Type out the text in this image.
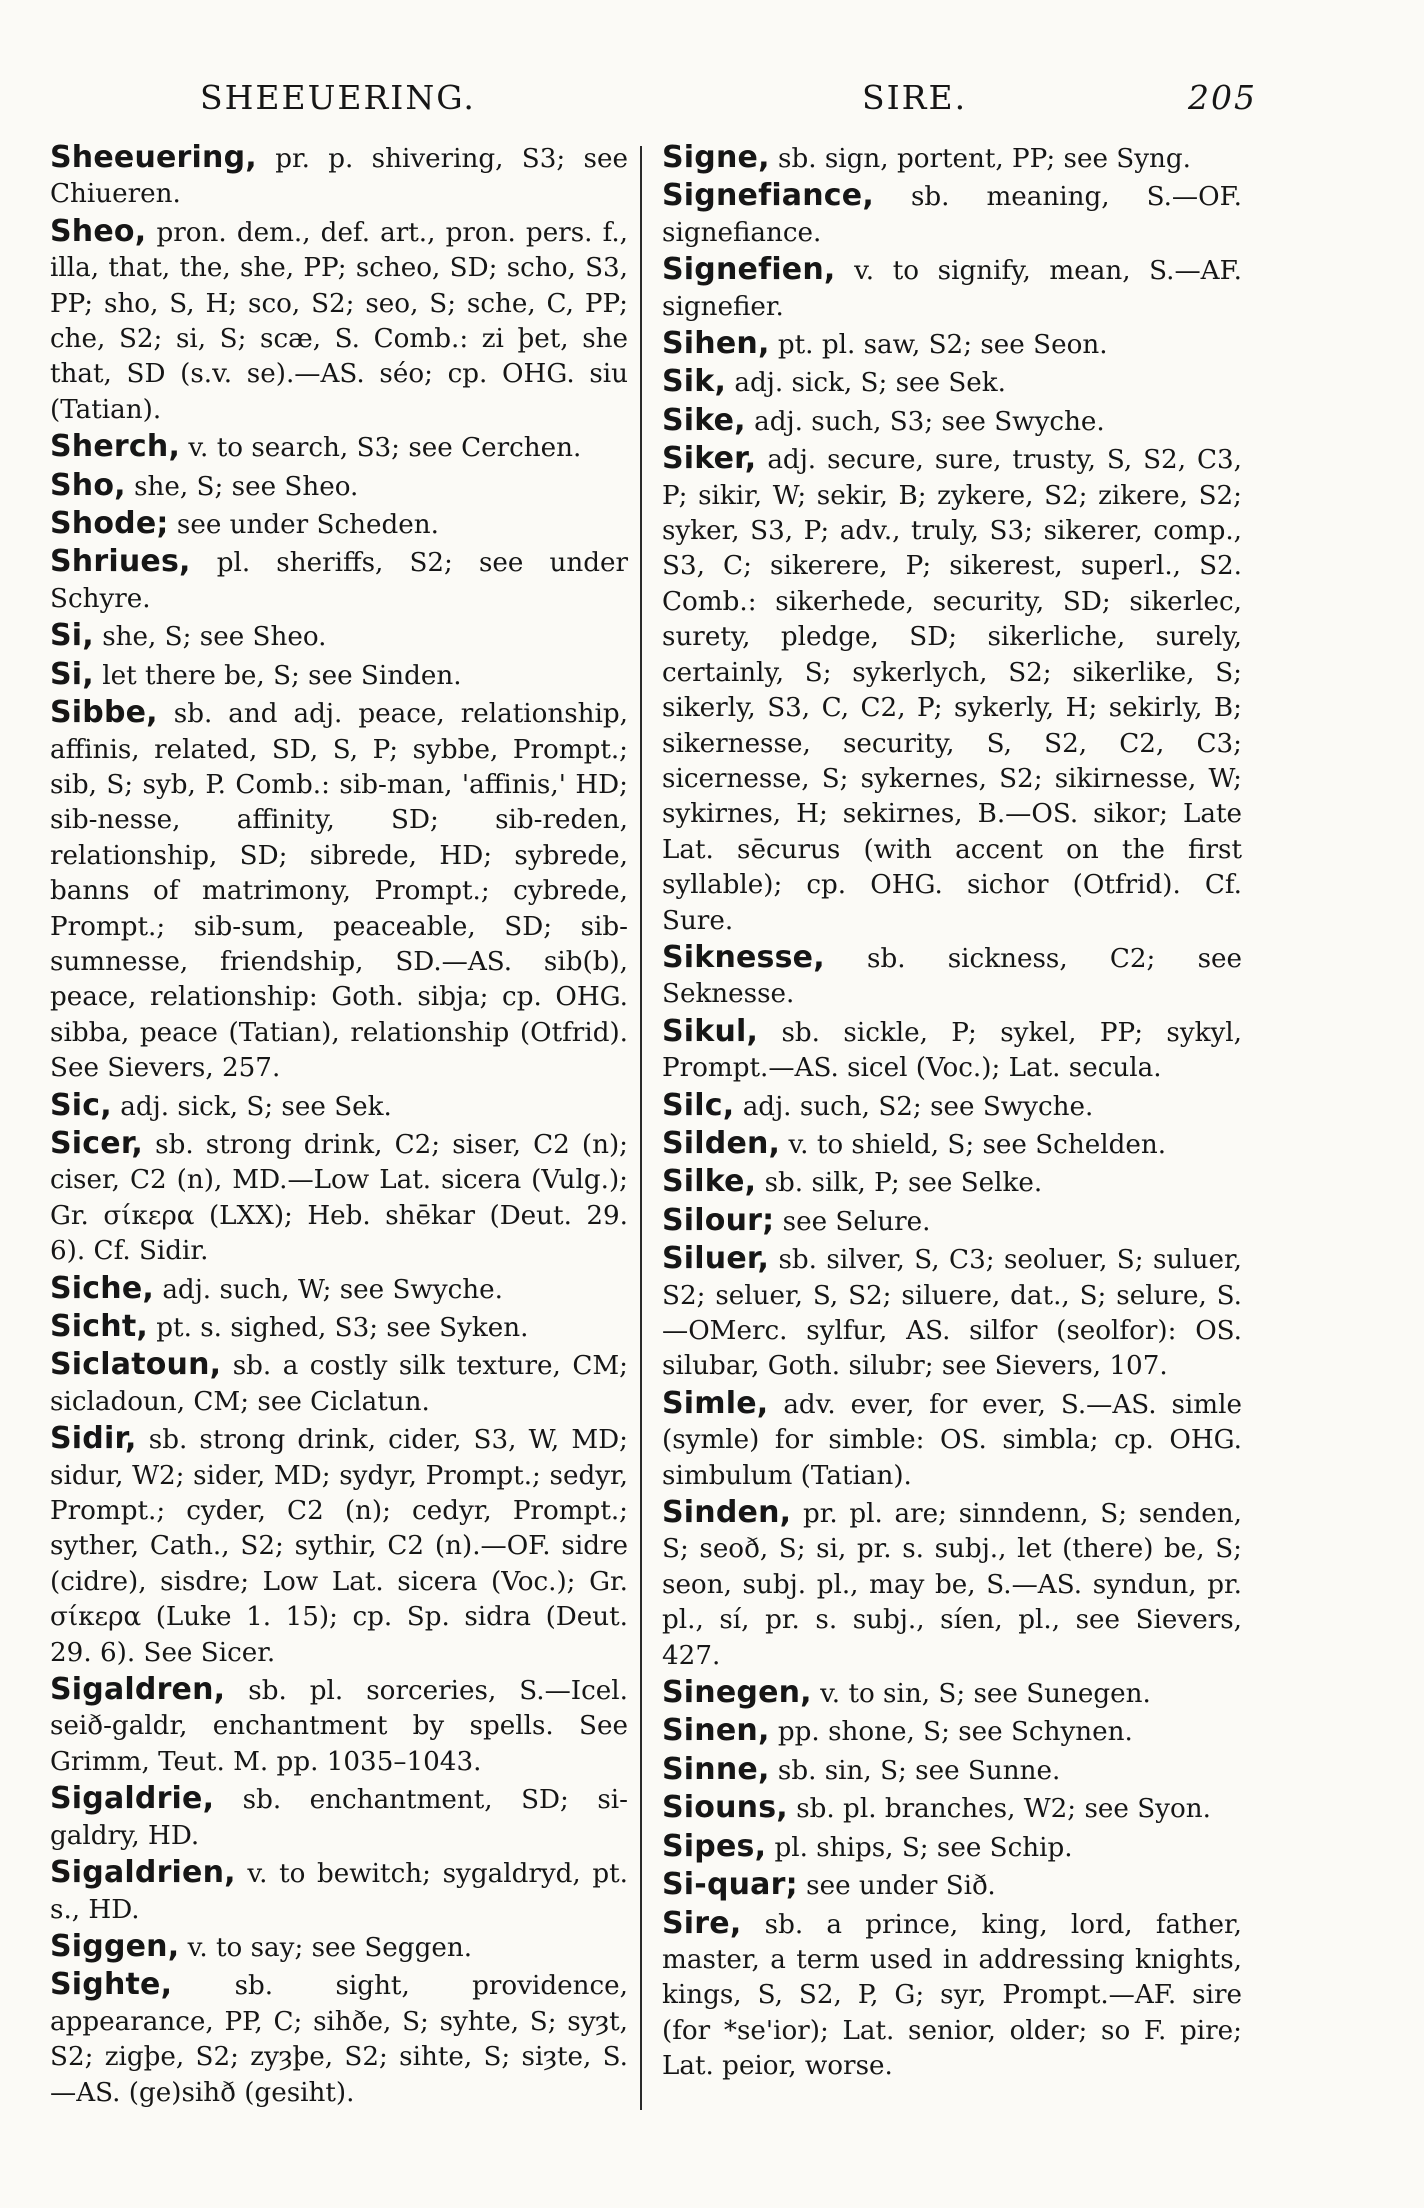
SHEEUERING.	SIRE.	205

Sheeuering, pr. p. shivering, S3; see Chiueren.

Sheo, pron. dem., def. art., pron. pers. f., illa, that, the, she, PP; scheo, SD; scho, S3, PP; sho, S, H; sco, S2; seo, S; sche, C, PP; che, S2; si, S; scæ, S. Comb.: zi þet, she that, SD (s.v. se).—AS. séo; cp. OHG. siu (Tatian).

Sherch, v. to search, S3; see Cerchen.

Sho, she, S; see Sheo.

Shode; see under Scheden.

Shriues, pl. sheriffs, S2; see under Schyre.

Si, she, S; see Sheo.

Si, let there be, S; see Sinden.

Sibbe, sb. and adj. peace, relationship, affinis, related, SD, S, P; sybbe, Prompt.; sib, S; syb, P. Comb.: sib-man, 'affinis,' HD; sib-nesse, affinity, SD; sib-reden, relationship, SD; sibrede, HD; sybrede, banns of matrimony, Prompt.; cybrede, Prompt.; sib-sum, peaceable, SD; sib-sumnesse, friendship, SD.—AS. sib(b), peace, relationship: Goth. sibja; cp. OHG. sibba, peace (Tatian), relationship (Otfrid). See Sievers, 257.

Sic, adj. sick, S; see Sek.

Sicer, sb. strong drink, C2; siser, C2 (n); ciser, C2 (n), MD.—Low Lat. sicera (Vulg.); Gr. σίκερα (LXX); Heb. shēkar (Deut. 29. 6). Cf. Sidir.

Siche, adj. such, W; see Swyche.

Sicht, pt. s. sighed, S3; see Syken.

Siclatoun, sb. a costly silk texture, CM; sicladoun, CM; see Ciclatun.

Sidir, sb. strong drink, cider, S3, W, MD; sidur, W2; sider, MD; sydyr, Prompt.; sedyr, Prompt.; cyder, C2 (n); cedyr, Prompt.; syther, Cath., S2; sythir, C2 (n).—OF. sidre (cidre), sisdre; Low Lat. sicera (Voc.); Gr. σίκερα (Luke 1. 15); cp. Sp. sidra (Deut. 29. 6). See Sicer.

Sigaldren, sb. pl. sorceries, S.—Icel. seið-galdr, enchantment by spells. See Grimm, Teut. M. pp. 1035–1043.

Sigaldrie, sb. enchantment, SD; si-galdry, HD.

Sigaldrien, v. to bewitch; sygaldryd, pt. s., HD.

Siggen, v. to say; see Seggen.

Sighte, sb. sight, providence, appearance, PP, C; sihðe, S; syhte, S; syȝt, S2; zigþe, S2; zyȝþe, S2; sihte, S; siȝte, S.—AS. (ge)sihð (gesiht).

Signe, sb. sign, portent, PP; see Syng.

Signefiance, sb. meaning, S.—OF. signefiance.

Signefien, v. to signify, mean, S.—AF. signefier.

Sihen, pt. pl. saw, S2; see Seon.

Sik, adj. sick, S; see Sek.

Sike, adj. such, S3; see Swyche.

Siker, adj. secure, sure, trusty, S, S2, C3, P; sikir, W; sekir, B; zykere, S2; zikere, S2; syker, S3, P; adv., truly, S3; sikerer, comp., S3, C; sikerere, P; sikerest, superl., S2. Comb.: sikerhede, security, SD; sikerlec, surety, pledge, SD; sikerliche, surely, certainly, S; sykerlych, S2; sikerlike, S; sikerly, S3, C, C2, P; sykerly, H; sekirly, B; sikernesse, security, S, S2, C2, C3; sicernesse, S; sykernes, S2; sikirnesse, W; sykirnes, H; sekirnes, B.—OS. sikor; Late Lat. sēcurus (with accent on the first syllable); cp. OHG. sichor (Otfrid). Cf. Sure.

Siknesse, sb. sickness, C2; see Seknesse.

Sikul, sb. sickle, P; sykel, PP; sykyl, Prompt.—AS. sicel (Voc.); Lat. secula.

Silc, adj. such, S2; see Swyche.

Silden, v. to shield, S; see Schelden.

Silke, sb. silk, P; see Selke.

Silour; see Selure.

Siluer, sb. silver, S, C3; seoluer, S; suluer, S2; seluer, S, S2; siluere, dat., S; selure, S.—OMerc. sylfur, AS. silfor (seolfor): OS. silubar, Goth. silubr; see Sievers, 107.

Simle, adv. ever, for ever, S.—AS. simle (symle) for simble: OS. simbla; cp. OHG. simbulum (Tatian).

Sinden, pr. pl. are; sinndenn, S; senden, S; seoð, S; si, pr. s. subj., let (there) be, S; seon, subj. pl., may be, S.—AS. syndun, pr. pl., sí, pr. s. subj., síen, pl., see Sievers, 427.

Sinegen, v. to sin, S; see Sunegen.

Sinen, pp. shone, S; see Schynen.

Sinne, sb. sin, S; see Sunne.

Siouns, sb. pl. branches, W2; see Syon.

Sipes, pl. ships, S; see Schip.

Si-quar; see under Sið.

Sire, sb. a prince, king, lord, father, master, a term used in addressing knights, kings, S, S2, P, G; syr, Prompt.—AF. sire (for *se'ior); Lat. senior, older; so F. pire; Lat. peior, worse.
